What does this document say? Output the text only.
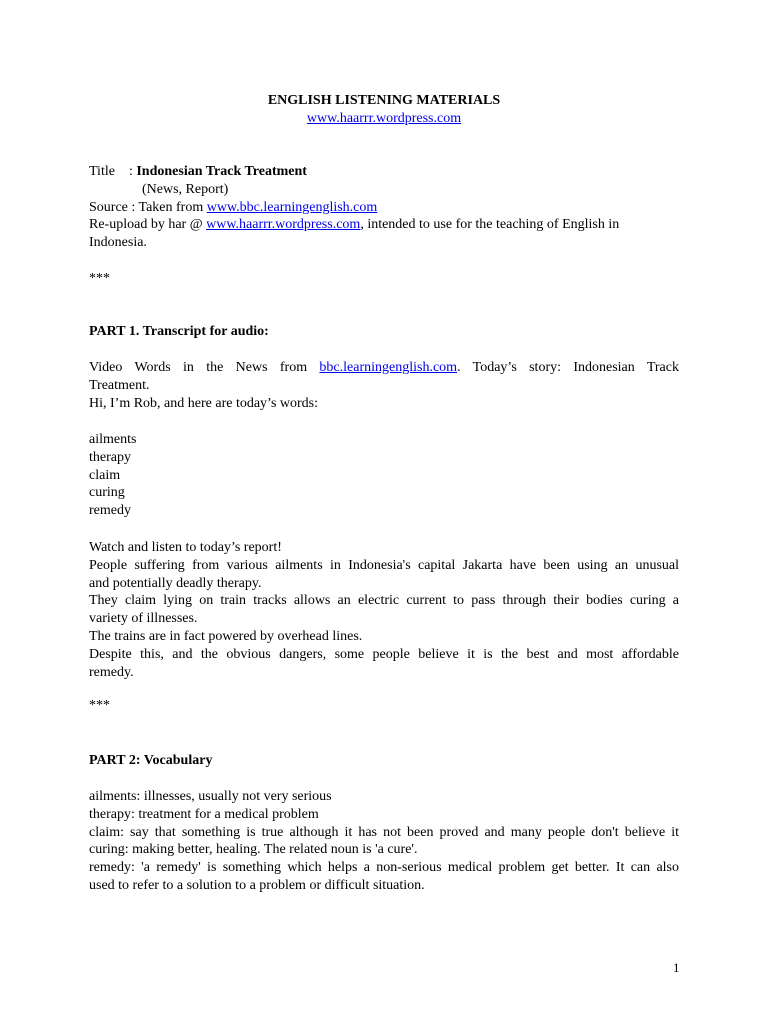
ENGLISH LISTENING MATERIALS
www.haarrr.wordpress.com
Title    : Indonesian Track Treatment
(News, Report)
Source : Taken from www.bbc.learningenglish.com
Re-upload by har @ www.haarrr.wordpress.com, intended to use for the teaching of English in
Indonesia.
***
PART 1. Transcript for audio:
Video Words in the News from bbc.learningenglish.com. Today’s story: Indonesian Track
Treatment.
Hi, I’m Rob, and here are today’s words:
ailments
therapy
claim
curing
remedy
Watch and listen to today’s report!
People suffering from various ailments in Indonesia's capital Jakarta have been using an unusual
and potentially deadly therapy.
They claim lying on train tracks allows an electric current to pass through their bodies curing a
variety of illnesses.
The trains are in fact powered by overhead lines.
Despite this, and the obvious dangers, some people believe it is the best and most affordable
remedy.
***
PART 2: Vocabulary
ailments: illnesses, usually not very serious
therapy: treatment for a medical problem
claim: say that something is true although it has not been proved and many people don't believe it
curing: making better, healing. The related noun is 'a cure'.
remedy: 'a remedy' is something which helps a non-serious medical problem get better. It can also
used to refer to a solution to a problem or difficult situation.
1
